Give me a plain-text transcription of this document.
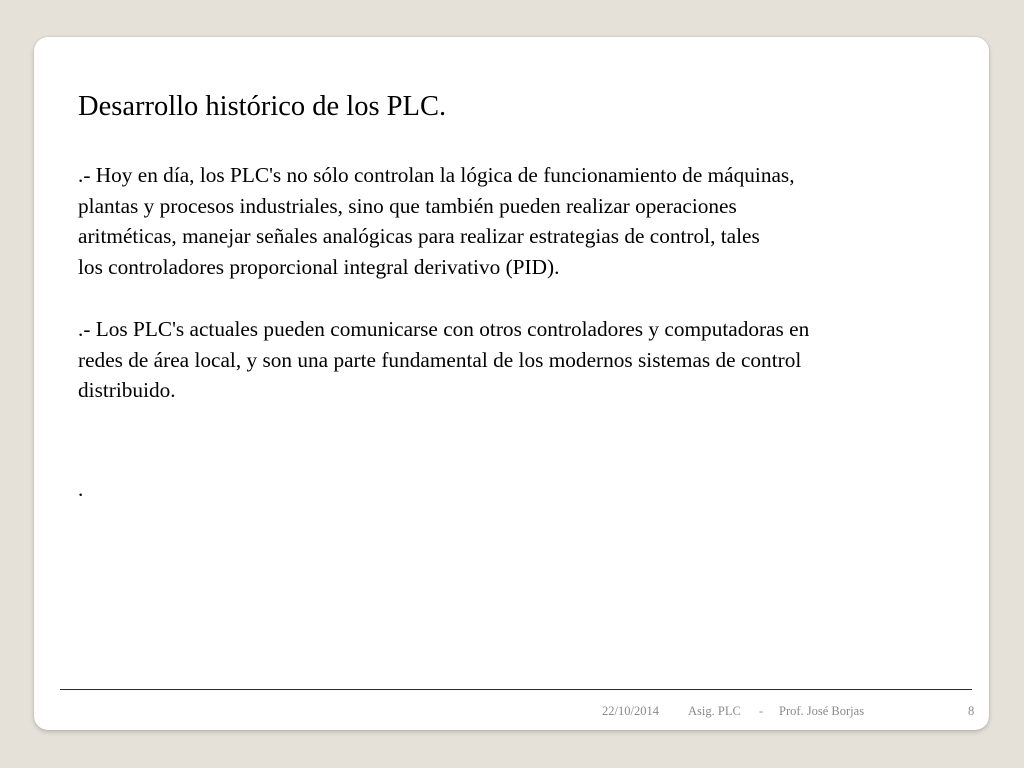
Desarrollo histórico de los PLC.

.- Hoy en día, los PLC's no sólo controlan la lógica de funcionamiento de máquinas,
plantas y procesos industriales, sino que también pueden realizar operaciones
aritméticas, manejar señales analógicas para realizar estrategias de control, tales
los controladores proporcional integral derivativo (PID).

.- Los PLC's actuales pueden comunicarse con otros controladores y computadoras en
redes de área local, y son una parte fundamental de los modernos sistemas de control
distribuido.

.

22/10/2014 Asig. PLC - Prof. José Borjas	8
